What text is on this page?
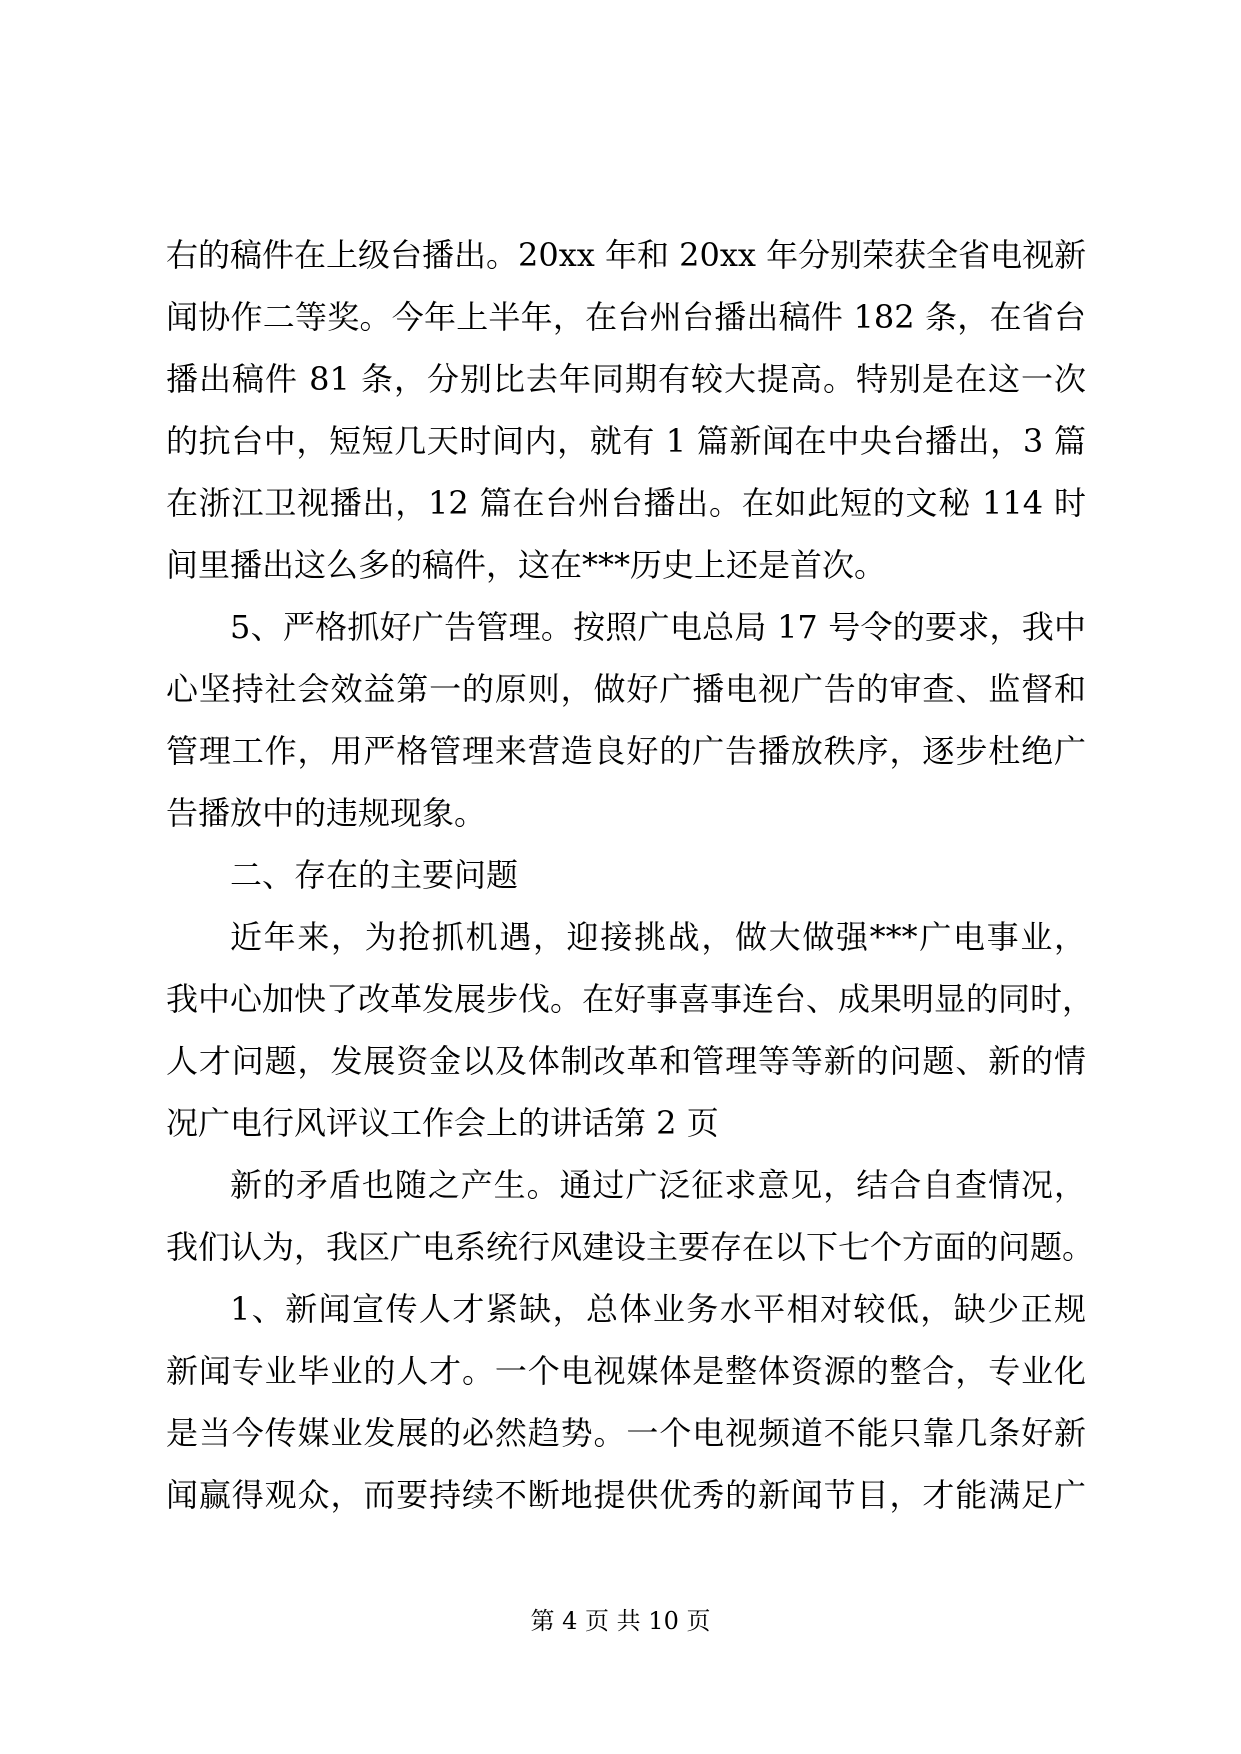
右的稿件在上级台播出。20xx 年和 20xx 年分别荣获全省电视新
闻协作二等奖。今年上半年，在台州台播出稿件 182 条，在省台
播出稿件 81 条，分别比去年同期有较大提高。特别是在这一次
的抗台中，短短几天时间内，就有 1 篇新闻在中央台播出，3 篇
在浙江卫视播出，12 篇在台州台播出。在如此短的文秘 114 时
间里播出这么多的稿件，这在***历史上还是首次。
5、严格抓好广告管理。按照广电总局 17 号令的要求，我中
心坚持社会效益第一的原则，做好广播电视广告的审查、监督和
管理工作，用严格管理来营造良好的广告播放秩序，逐步杜绝广
告播放中的违规现象。
二、存在的主要问题
近年来，为抢抓机遇，迎接挑战，做大做强***广电事业，
我中心加快了改革发展步伐。在好事喜事连台、成果明显的同时，
人才问题，发展资金以及体制改革和管理等等新的问题、新的情
况广电行风评议工作会上的讲话第 2 页
新的矛盾也随之产生。通过广泛征求意见，结合自查情况，
我们认为，我区广电系统行风建设主要存在以下七个方面的问题。
1、新闻宣传人才紧缺，总体业务水平相对较低，缺少正规
新闻专业毕业的人才。一个电视媒体是整体资源的整合，专业化
是当今传媒业发展的必然趋势。一个电视频道不能只靠几条好新
闻赢得观众，而要持续不断地提供优秀的新闻节目，才能满足广
第 4 页 共 10 页
